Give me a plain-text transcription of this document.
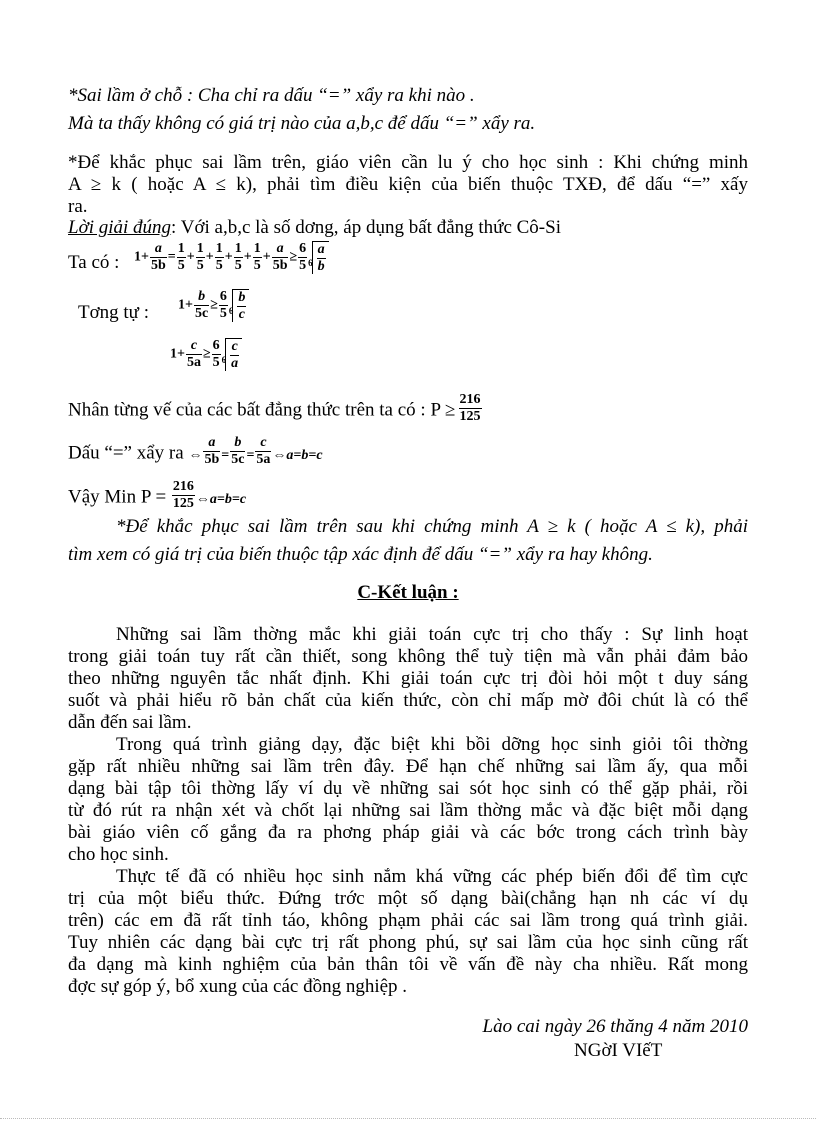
*Sai lầm ở chỗ : Cha chỉ ra dấu “=” xẩy ra khi nào .
Mà ta thấy không có giá trị nào của a,b,c để dấu “=” xẩy ra.
*Để khắc phục sai lầm trên, giáo viên cần lu ý cho học sinh : Khi chứng minh
A ≥ k ( hoặc A ≤ k), phải tìm điều kiện của biến thuộc TXĐ, để dấu “=” xấy
ra.
Lời giải đúng: Với a,b,c là số dơng, áp dụng bất đẳng thức Cô-Si
Ta có : $1+ \frac{a}{5b} = \frac{1}{5} + \frac{1}{5} + \frac{1}{5} + \frac{1}{5} + \frac{1}{5} + \frac{a}{5b} \ge \frac{6}{5} _6 \frac{a}{b}$
Tơng tự : $1+ \frac{b}{5c} \ge \frac{6}{5} _6 \frac{b}{c}$
$1+ \frac{c}{5a} \ge \frac{6}{5} _6 \frac{c}{a}$
Nhân từng vế của các bất đẳng thức trên ta có : $P \ge \frac{216}{125}$
Dấu “=” xẩy ra ⇔ $\frac{a}{5b} = \frac{b}{5c} = \frac{c}{5a}$ ⇔a=b=c
Vậy Min $P = \frac{216}{125}$ ⇔a=b=c
*Để khắc phục sai lầm trên sau khi chứng minh A ≥ k ( hoặc A ≤ k), phải
tìm xem có giá trị của biến thuộc tập xác định để dấu “=” xẩy ra hay không.
C-Kết luận :
Những sai lầm thờng mắc khi giải toán cực trị cho thấy : Sự linh hoạt
trong giải toán tuy rất cần thiết, song không thể tuỳ tiện mà vẫn phải đảm bảo
theo những nguyên tắc nhất định. Khi giải toán cực trị đòi hỏi một t duy sáng
suốt và phải hiểu rõ bản chất của kiến thức, còn chỉ mấp mờ đôi chút là có thể
dẫn đến sai lầm.
Trong quá trình giảng dạy, đặc biệt khi bồi dỡng học sinh giỏi tôi thờng
gặp rất nhiều những sai lầm trên đây. Để hạn chế những sai lầm ấy, qua mỗi
dạng bài tập tôi thờng lấy ví dụ về những sai sót học sinh có thể gặp phải, rồi
từ đó rút ra nhận xét và chốt lại những sai lầm thờng mắc và đặc biệt mỗi dạng
bài giáo viên cố gắng đa ra phơng pháp giải và các bớc trong cách trình bày
cho học sinh.
Thực tế đã có nhiều học sinh nắm khá vững các phép biến đổi để tìm cực
trị của một biểu thức. Đứng trớc một số dạng bài(chẳng hạn nh các ví dụ
trên) các em đã rất tỉnh táo, không phạm phải các sai lầm trong quá trình giải.
Tuy nhiên các dạng bài cực trị rất phong phú, sự sai lầm của học sinh cũng rất
đa dạng mà kinh nghiệm của bản thân tôi về vấn đề này cha nhiều. Rất mong
đợc sự góp ý, bổ xung của các đồng nghiệp .
Lào cai ngày 26 thăng 4 năm 2010
NGờI VIếT
